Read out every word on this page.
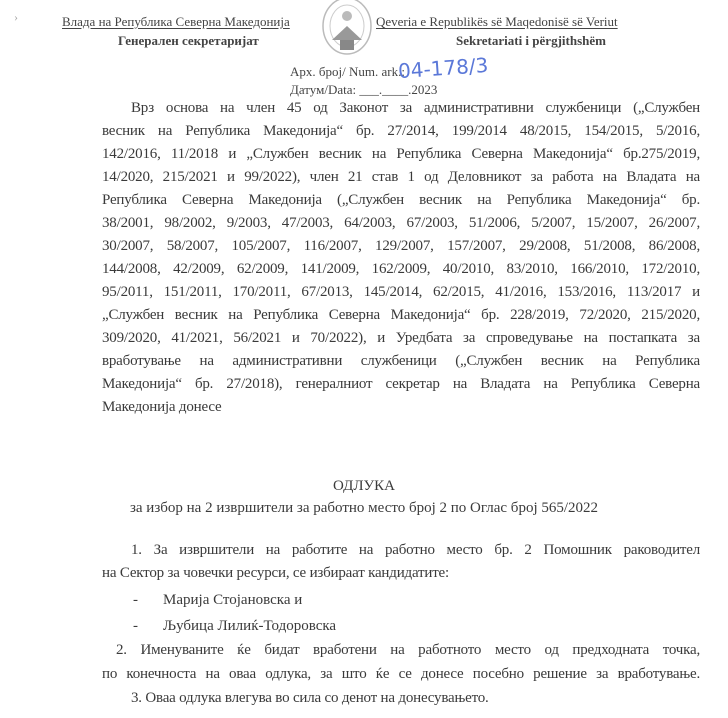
›	Влада на Република Северна Македонија
Генерален секретаријат
Qeveria e Republikës së Maqedonisë së Veriut
Sekretariati i përgjithshëm
Арх. број/ Num. ark.:
04-178/3
Датум/Data: ___.____.2023
Врз основа на член 45 од Законот за административни службеници („Службен
весник на Република Македонија“ бр. 27/2014, 199/2014 48/2015, 154/2015, 5/2016,
142/2016, 11/2018 и „Службен весник на Република Северна Македонија“ бр.275/2019,
14/2020, 215/2021 и 99/2022), член 21 став 1 од Деловникот за работа на Владата на
Република Северна Македонија („Службен весник на Република Македонија“ бр.
38/2001, 98/2002, 9/2003, 47/2003, 64/2003, 67/2003, 51/2006, 5/2007, 15/2007, 26/2007,
30/2007, 58/2007, 105/2007, 116/2007, 129/2007, 157/2007, 29/2008, 51/2008, 86/2008,
144/2008, 42/2009, 62/2009, 141/2009, 162/2009, 40/2010, 83/2010, 166/2010, 172/2010,
95/2011, 151/2011, 170/2011, 67/2013, 145/2014, 62/2015, 41/2016, 153/2016, 113/2017 и
„Службен весник на Република Северна Македонија“ бр. 228/2019, 72/2020, 215/2020,
309/2020, 41/2021, 56/2021 и 70/2022), и Уредбата за спроведување на постапката за
вработување на административни службеници („Службен весник на Република
Македонија“ бр. 27/2018), генералниот секретар на Владата на Република Северна
Македонија донесе
ОДЛУКА
за избор на 2 извршители за работно место број 2 по Оглас број 565/2022
1. За извршители на работите на работно место бр. 2 Помошник раководител
на Сектор за човечки ресурси, се избираат кандидатите:
- Марија Стојановска и
- Љубица Лилиќ-Тодоровска
2. Именуваните ќе бидат вработени на работното место од предходната точка,
по конечноста на оваа одлука, за што ќе се донесе посебно решение за вработување.
3. Оваа одлука влегува во сила со денот на донесувањето.
